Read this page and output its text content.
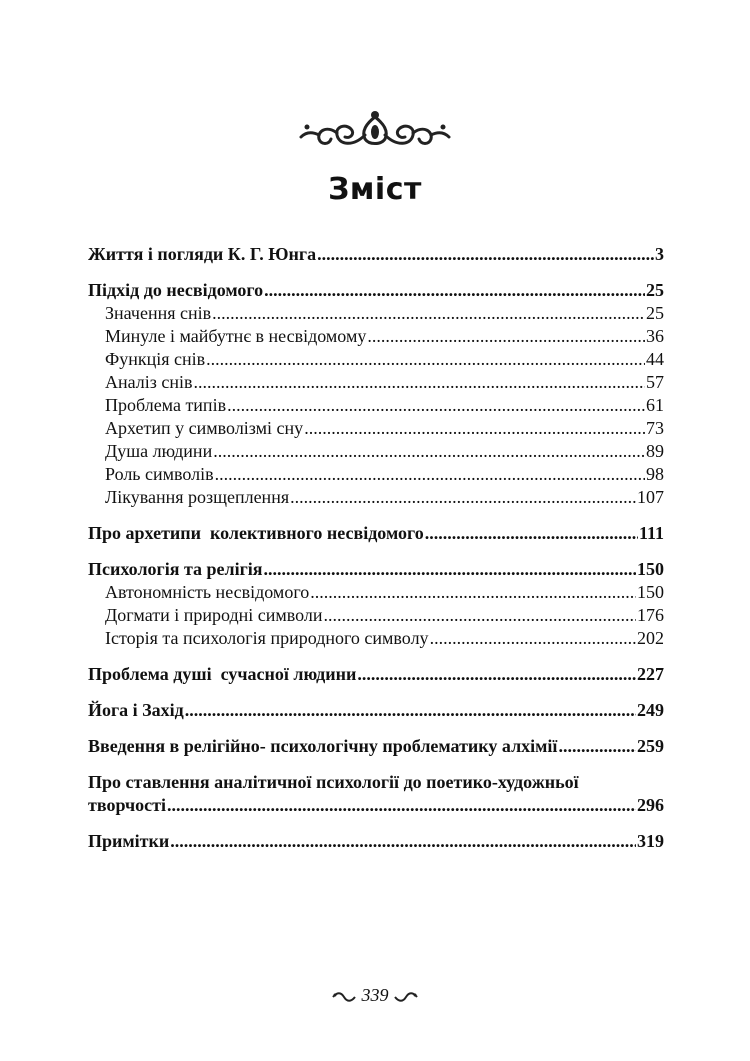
Зміст
Життя і погляди К. Г. Юнга .....	3
Підхід до несвідомого .....	25
Значення снів .....	25
Минуле і майбутнє в несвідомому .....	36
Функція снів .....	44
Аналіз снів .....	57
Проблема типів .....	61
Архетип у символізмі сну .....	73
Душа людини .....	89
Роль символів .....	98
Лікування розщеплення .....	107
Про архетипи  колективного несвідомого .....	111
Психологія та релігія .....	150
Автономність несвідомого .....	150
Догмати і природні символи .....	176
Історія та психологія природного символу .....	202
Проблема душі  сучасної людини .....	227
Йога і Захід .....	249
Введення в релігійно- психологічну проблематику алхімії .....	259
Про ставлення аналітичної психології до поетико-художньої
творчості .....	296
Примітки .....	319
339
